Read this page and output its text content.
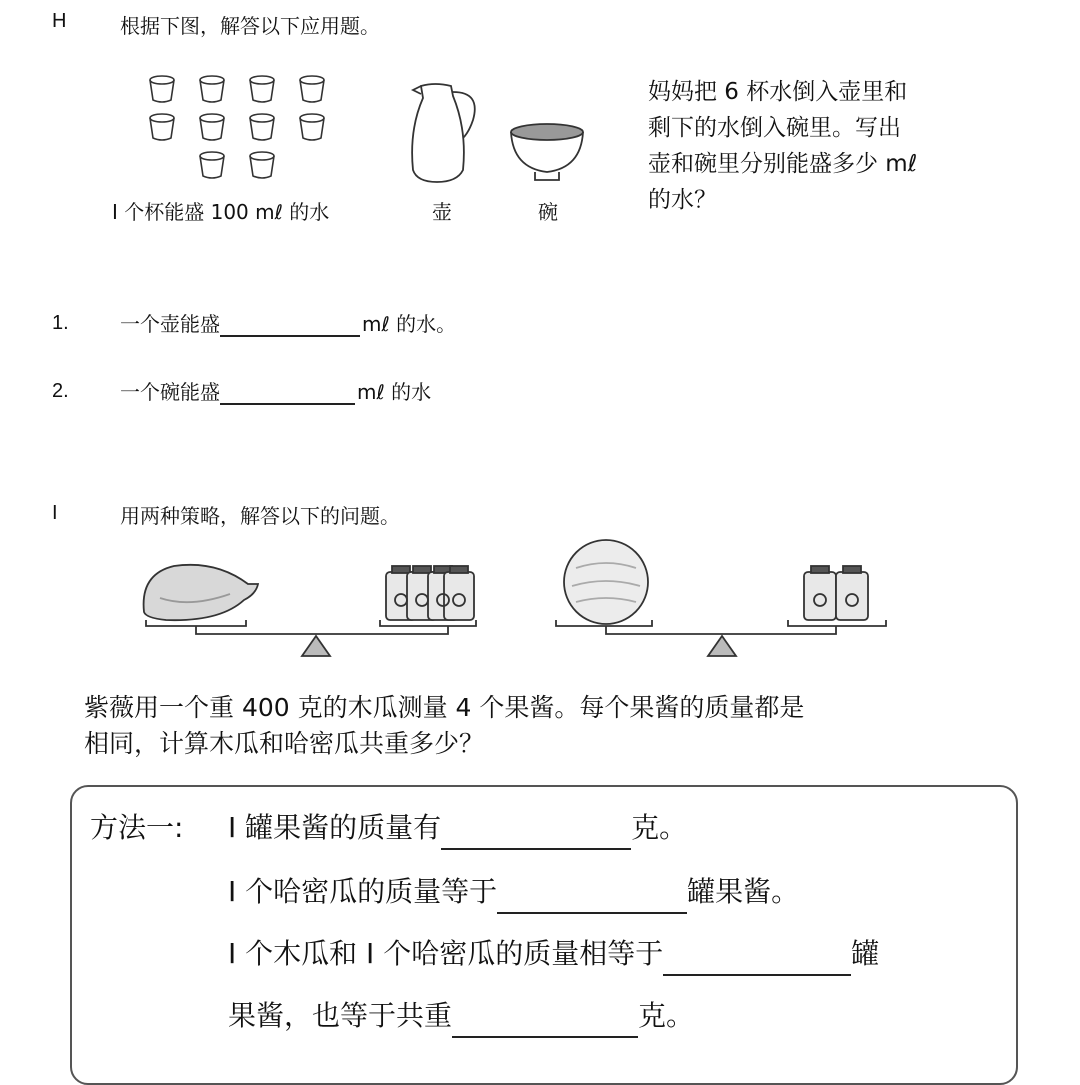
H	根据下图，解答以下应用题。
I 个杯能盛 100 mℓ 的水	壶	碗
妈妈把 6 杯水倒入壶里和
剩下的水倒入碗里。写出
壶和碗里分别能盛多少 mℓ
的水？
1.	一个壶能盛	mℓ 的水。
2.	一个碗能盛	mℓ 的水
I	用两种策略，解答以下的问题。
紫薇用一个重 400 克的木瓜测量 4 个果酱。每个果酱的质量都是
相同，计算木瓜和哈密瓜共重多少？
方法一: I 罐果酱的质量有	克。
I 个哈密瓜的质量等于	罐果酱。
I 个木瓜和 I 个哈密瓜的质量相等于	罐
果酱，也等于共重	克。
